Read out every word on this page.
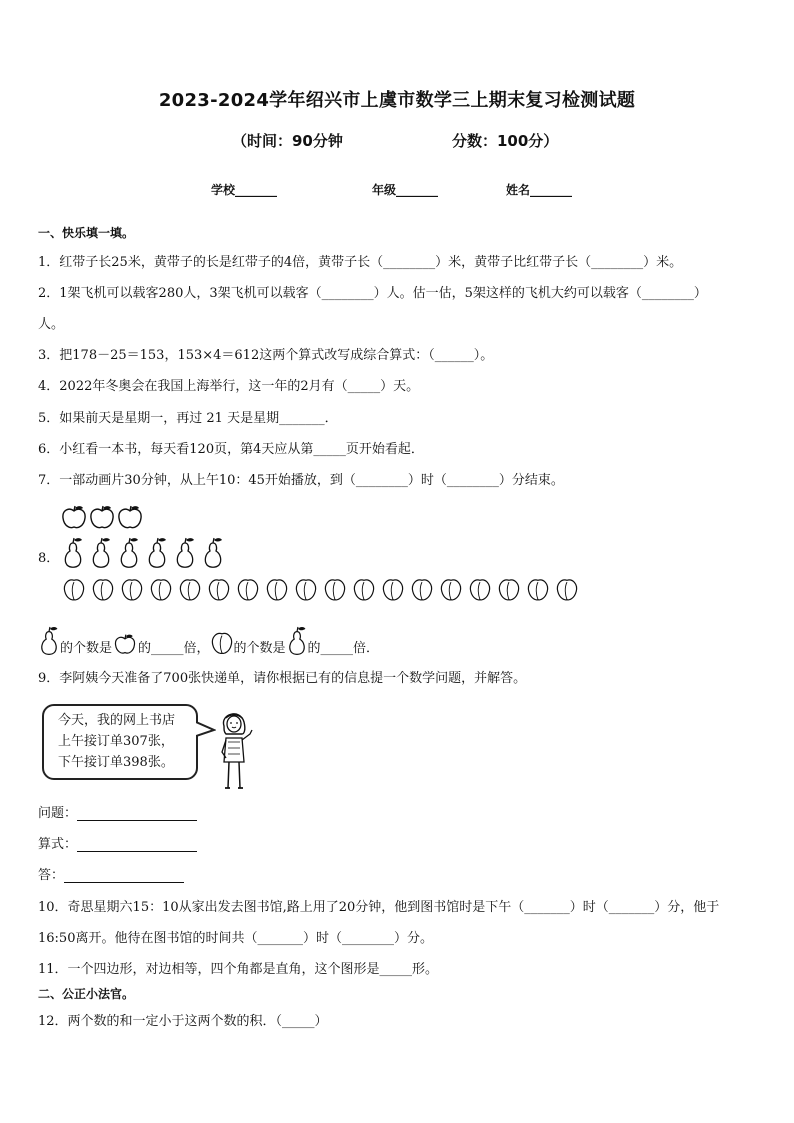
2023-2024学年绍兴市上虞市数学三上期末复习检测试题
（时间：90分钟	分数：100分）
学校_______	年级_______	姓名_______
一、快乐填一填。
1．红带子长25米，黄带子的长是红带子的4倍，黄带子长（________）米，黄带子比红带子长（________）米。
2．1架飞机可以载客280人，3架飞机可以载客（________）人。估一估，5架这样的飞机大约可以载客（________）
人。
3．把178－25＝153，153×4＝612这两个算式改写成综合算式：（______）。
4．2022年冬奥会在我国上海举行，这一年的2月有（_____）天。
5．如果前天是星期一，再过 21 天是星期_______．
6．小红看一本书，每天看120页，第4天应从第_____页开始看起．
7．一部动画片30分钟，从上午10：45开始播放，到（________）时（________）分结束。
8．
的个数是 的_____倍， 的个数是 的_____倍．
9．李阿姨今天准备了700张快递单，请你根据已有的信息提一个数学问题，并解答。
今天，我的网上书店
上午接订单307张，
下午接订单398张。
问题：
算式：
答：
10．奇思星期六15：10从家出发去图书馆,路上用了20分钟，他到图书馆时是下午（_______）时（_______）分，他于
16:50离开。他待在图书馆的时间共（_______）时（________）分。
11．一个四边形，对边相等，四个角都是直角，这个图形是_____形。
二、公正小法官。
12．两个数的和一定小于这两个数的积．（_____）
